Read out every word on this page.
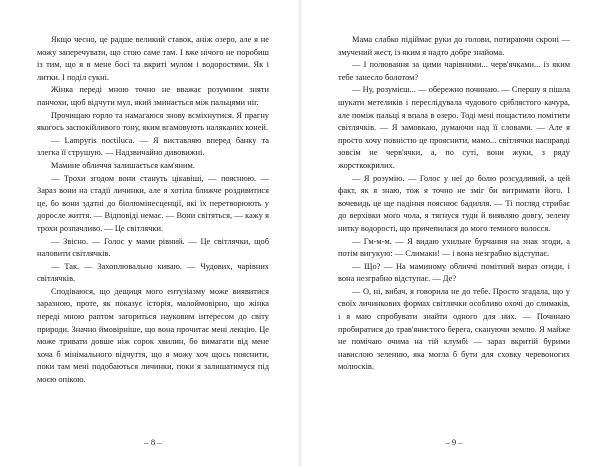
Якщо чесно, це радше великий ставок, аніж озеро, але я не можу заперечувати, що стою саме там. І вже нічого не поробиш із тим, що я в мене босі та вкриті мулом і водоростями. Як і литки. І поділ сукні.

Жінка переді мною точно не вважає розумним зняти панчохи, щоб відчути мул, який зминається між пальцями ніг.

Прочищаю горло та намагаюся знову всміхнутися. Я прагну якогось заспокійливого тону, яким вгамовують наляканих коней.

— Lampyris noctiluca. — Я виставляю вперед банку та злегка її струшую. — Надзвичайно дивовижні.

Мамине обличчя залишається кам'яним.

— Трохи згодом вони стануть цікавіші, — пояснюю. — Зараз вони на стадії личинки, але я хотіла ближче роздивитися це, бо вони здатні до біолюмінесценції, які їх перетворюють у доросле життя. — Відповіді немає. — Вони світяться, — кажу я трохи розпачливо. — Це світлячки.

— Звісно. — Голос у мами рівний. — Це світлячки, щоб наловити світлячків.

— Так. — Захоплювально киваю. — Чудових, чарівних світлячків.

Сподіваюся, що дещиця мого ентузіазму може виявитися заразною, проте, як показує історія, малоймовірно, що жінка переді мною раптом загориться науковим інтересом до світу природи. Значно ймовірніше, що вона прочитає мені лекцію. Це може тривати довше ніж сорок хвилин, бо вимагати від мене хоча б мінімального відчуття, що я можу хоч щось пояснити, поки там мені подобаються личинки, поки я залишатимуся під моєю опікою.

– 8 –

Мама слабко підіймає руки до голови, потираючи скроні — змучений жест, із яким я надто добре знайома.

— І полювання за цими чарівними... черв'ячками... із яким тебе занесло болотом?

— Ну, розумієш... — обережно починаю. — Спершу я пішла шукати метеликів і переслідувала чудового сріблястого качура, але поміж пальці я впала в озеро. Тоді мені пощастило помітити світлячків. — Я замовкаю, думаючи над її словами. — Але я просто хочу повністю це прояснити, мамо... світлячки насправді зовсім не черв'ячки, а, по суті, вони жуки, з ряду жорсткокрилих.

— Я розумію. — Голос у неї до болю розсудливий, а цей факт, як я знаю, тож я точно не зміг би витримати його. І вочевидь це ще падіння пояснює бадилля. — Ті погляд стрибає до верхівки мого чола, я тягнуся туди й виявляю довгу, зелену нитку водорості, що причепилася до мого темного волосся.

— Гм-м-м. — Я видаю ухильне бурчання на знак згоди, а потім вигукую: — Слимаки! — і вона незграбно відступає.

— Що? — На маминому обличчі помітний вираз огиди, і вона незграбно відступає. — Де?

— О, ні, вибач, я говорила не до тебе. Просто згадала, що у своїх личинкових формах світлячки особливо охочі до слимаків, і я маю спробувати знайти одного для них. — Починаю пробиратися до трав'янистого берега, скануючи землю. Я майже не помічаю очима на тій клумбі — зараз вкритій бурими навислою зеленню, яка могла б бути для сховку черевоногих молюсків.

– 9 –
